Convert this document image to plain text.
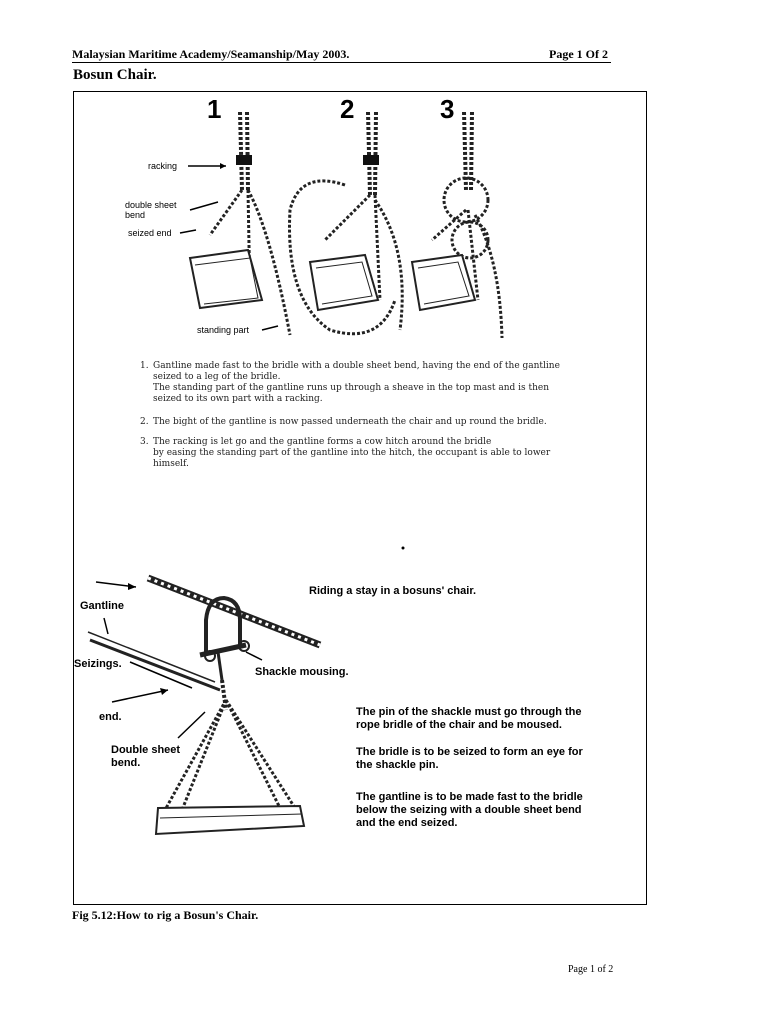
Malaysian Maritime Academy/Seamanship/May 2003.	Page 1 Of 2
Bosun Chair.
1	2	3
racking
double sheet
bend
seized end
standing part
1. Gantline made fast to the bridle with a double sheet bend, having the end of the gantline
seized to a leg of the bridle.
The standing part of the gantline runs up through a sheave in the top mast and is then
seized to its own part with a racking.
2. The bight of the gantline is now passed underneath the chair and up round the bridle.
3. The racking is let go and the gantline forms a cow hitch around the bridle
by easing the standing part of the gantline into the hitch, the occupant is able to lower
himself.
Riding a stay in a bosuns' chair.
Gantline
Seizings.
end.
Double sheet
bend.
Shackle mousing.
The pin of the shackle must go through the
rope bridle of the chair and be moused.
The bridle is to be seized to form an eye for
the shackle pin.
The gantline is to be made fast to the bridle
below the seizing with a double sheet bend
and the end seized.
Fig 5.12:How to rig a Bosun's Chair.
Page 1 of 2
